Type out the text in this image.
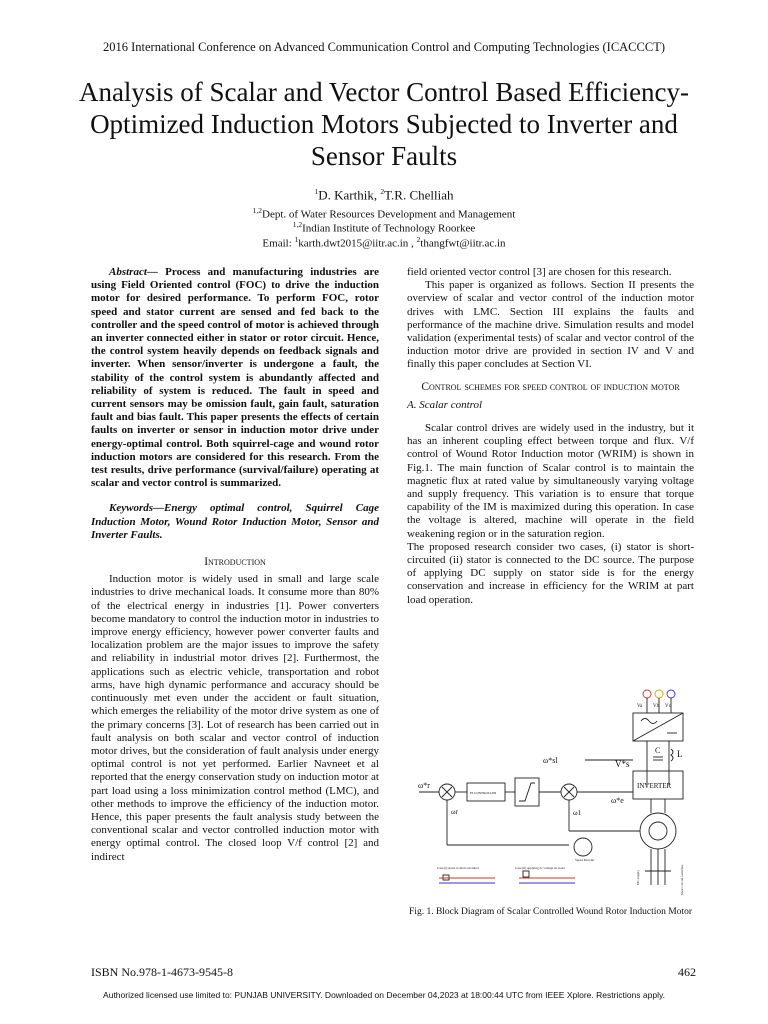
2016 International Conference on Advanced Communication Control and Computing Technologies (ICACCCT)
Analysis of Scalar and Vector Control Based Efficiency-Optimized Induction Motors Subjected to Inverter and Sensor Faults
$^1$D. Karthik, $^2$T.R. Chelliah
$^{1,2}$Dept. of Water Resources Development and Management
$^{1,2}$Indian Institute of Technology Roorkee
Email: $^1$karth.dwt2015@iitr.ac.in , $^2$thangfwt@iitr.ac.in

Abstract— Process and manufacturing industries are using Field Oriented control (FOC) to drive the induction motor for desired performance. To perform FOC, rotor speed and stator current are sensed and fed back to the controller and the speed control of motor is achieved through an inverter connected either in stator or rotor circuit. Hence, the control system heavily depends on feedback signals and inverter. When sensor/inverter is undergone a fault, the stability of the control system is abundantly affected and reliability of system is reduced. The fault in speed and current sensors may be omission fault, gain fault, saturation fault and bias fault. This paper presents the effects of certain faults on inverter or sensor in induction motor drive under energy-optimal control. Both squirrel-cage and wound rotor induction motors are considered for this research. From the test results, drive performance (survival/failure) operating at scalar and vector control is summarized.

Keywords—Energy optimal control, Squirrel Cage Induction Motor, Wound Rotor Induction Motor, Sensor and Inverter Faults.

Introduction

Induction motor is widely used in small and large scale industries to drive mechanical loads. It consume more than 80% of the electrical energy in industries [1]. Power converters become mandatory to control the induction motor in industries to improve energy efficiency, however power converter faults and localization problem are the major issues to improve the safety and reliability in industrial motor drives [2]. Furthermost, the applications such as electric vehicle, transportation and robot arms, have high dynamic performance and accuracy should be continuously met even under the accident or fault situation, which emerges the reliability of the motor drive system as one of the primary concerns [3]. Lot of research has been carried out in fault analysis on both scalar and vector control of induction motor drives, but the consideration of fault analysis under energy optimal control is not yet performed. Earlier Navneet et al reported that the energy conservation study on induction motor at part load using a loss minimization control method (LMC), and other methods to improve the efficiency of the induction motor. Hence, this paper presents the fault analysis study between the conventional scalar and vector controlled induction motor with energy optimal control. The closed loop V/f control [2] and indirect

field oriented vector control [3] are chosen for this research.

This paper is organized as follows. Section II presents the overview of scalar and vector control of the induction motor drives with LMC. Section III explains the faults and performance of the machine drive. Simulation results and model validation (experimental tests) of scalar and vector control of the induction motor drive are provided in section IV and V and finally this paper concludes at Section VI.

Control schemes for speed control of induction motor

A. Scalar control

Scalar control drives are widely used in the industry, but it has an inherent coupling effect between torque and flux. V/f control of Wound Rotor Induction motor (WRIM) is shown in Fig.1. The main function of Scalar control is to maintain the magnetic flux at rated value by simultaneously varying voltage and supply frequency. This variation is to ensure that torque capability of the IM is maximized during this operation. In case the voltage is altered, machine will operate in the field weakening region or in the saturation region.

The proposed research consider two cases, (i) stator is short-circuited (ii) stator is connected to the DC source. The purpose of applying DC supply on stator side is for the energy conservation and increase in efficiency for the WRIM at part load operation.

Va Vb Vc
C L
V*s
INVERTER
ω*sl
ω*r
ωr
ω*e
ω1
PI CONTROLLER
Speed Encoder
Case (i) stator is short-circuited	Case (ii) applying dc voltage on stator
DC supply	Short circuit switches
Fig. 1. Block Diagram of Scalar Controlled Wound Rotor Induction Motor
ISBN No.978-1-4673-9545-8	462
Authorized licensed use limited to: PUNJAB UNIVERSITY. Downloaded on December 04,2023 at 18:00:44 UTC from IEEE Xplore. Restrictions apply.
